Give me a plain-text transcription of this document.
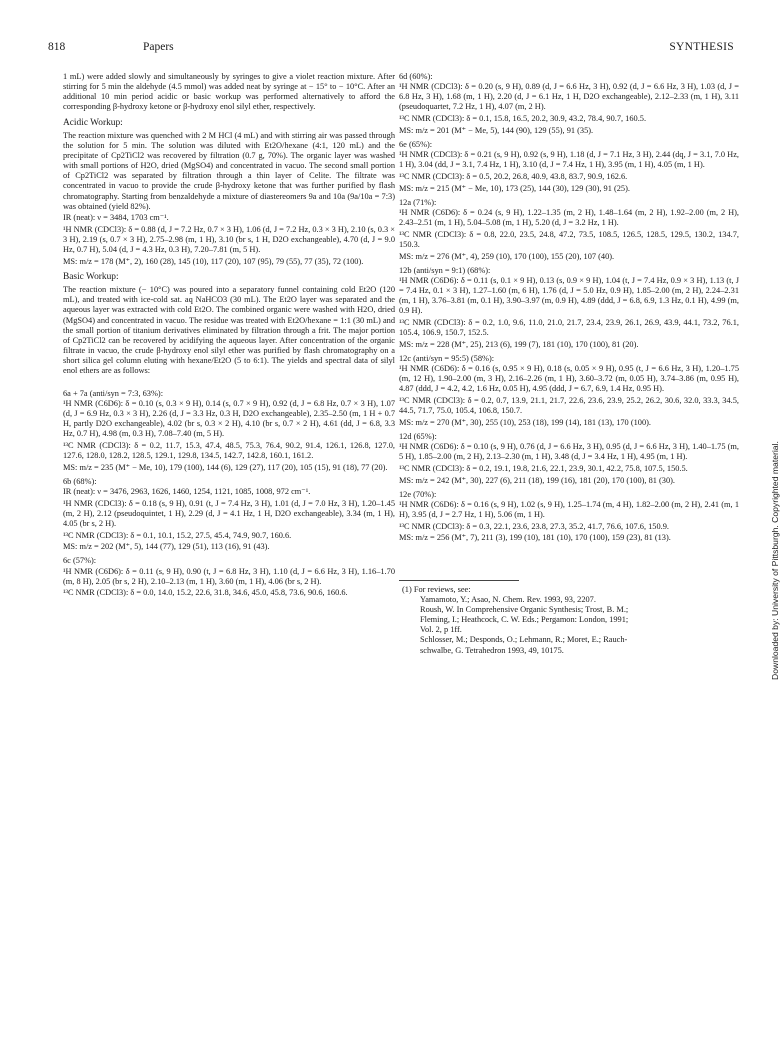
818	Papers	SYNTHESIS

1 mL) were added slowly and simultaneously by syringes to give a violet reaction mixture. After stirring for 5 min the aldehyde (4.5 mmol) was added neat by syringe at − 15° to − 10°C. After an additional 10 min period acidic or basic workup was performed alternatively to afford the corresponding β-hydroxy ketone or β-hydroxy enol silyl ether, respectively.

Acidic Workup:

The reaction mixture was quenched with 2 M HCl (4 mL) and with stirring air was passed through the solution for 5 min. The solution was diluted with Et2O/hexane (4:1, 120 mL) and the precipitate of Cp2TiCl2 was recovered by filtration (0.7 g, 70%). The organic layer was washed with small portions of H2O, dried (MgSO4) and concentrated in vacuo. The second small portion of Cp2TiCl2 was separated by filtration through a thin layer of Celite. The filtrate was concentrated in vacuo to provide the crude β-hydroxy ketone that was further purified by flash chromatography. Starting from benzaldehyde a mixture of diastereomers 9a and 10a (9a/10a = 7:3) was obtained (yield 82%).

IR (neat): ν = 3484, 1703 cm⁻¹.

¹H NMR (CDCl3): δ = 0.88 (d, J = 7.2 Hz, 0.7 × 3 H), 1.06 (d, J = 7.2 Hz, 0.3 × 3 H), 2.10 (s, 0.3 × 3 H), 2.19 (s, 0.7 × 3 H), 2.75–2.98 (m, 1 H), 3.10 (br s, 1 H, D2O exchangeable), 4.70 (d, J = 9.0 Hz, 0.7 H), 5.04 (d, J = 4.3 Hz, 0.3 H), 7.20–7.81 (m, 5 H).

MS: m/z = 178 (M⁺, 2), 160 (28), 145 (10), 117 (20), 107 (95), 79 (55), 77 (35), 72 (100).

Basic Workup:

The reaction mixture (− 10°C) was poured into a separatory funnel containing cold Et2O (120 mL), and treated with ice-cold sat. aq NaHCO3 (30 mL). The Et2O layer was separated and the aqueous layer was extracted with cold Et2O. The combined organic were washed with H2O, dried (MgSO4) and concentrated in vacuo. The residue was treated with Et2O/hexane = 1:1 (30 mL) and the small portion of titanium derivatives eliminated by filtration through a frit. The major portion of Cp2TiCl2 can be recovered by acidifying the aqueous layer. After concentration of the organic filtrate in vacuo, the crude β-hydroxy enol silyl ether was purified by flash chromatography on a short silica gel column eluting with hexane/Et2O (5 to 6:1). The yields and spectral data of silyl enol ethers are as follows:

6a + 7a (anti/syn = 7:3, 63%):

¹H NMR (C6D6): δ = 0.10 (s, 0.3 × 9 H), 0.14 (s, 0.7 × 9 H), 0.92 (d, J = 6.8 Hz, 0.7 × 3 H), 1.07 (d, J = 6.9 Hz, 0.3 × 3 H), 2.26 (d, J = 3.3 Hz, 0.3 H, D2O exchangeable), 2.35–2.50 (m, 1 H + 0.7 H, partly D2O exchangeable), 4.02 (br s, 0.3 × 2 H), 4.10 (br s, 0.7 × 2 H), 4.61 (dd, J = 6.8, 3.3 Hz, 0.7 H), 4.98 (m, 0.3 H), 7.08–7.40 (m, 5 H).

¹³C NMR (CDCl3): δ = 0.2, 11.7, 15.3, 47.4, 48.5, 75.3, 76.4, 90.2, 91.4, 126.1, 126.8, 127.0, 127.6, 128.0, 128.2, 128.5, 129.1, 129.8, 134.5, 142.7, 142.8, 160.1, 161.2.

MS: m/z = 235 (M⁺ − Me, 10), 179 (100), 144 (6), 129 (27), 117 (20), 105 (15), 91 (18), 77 (20).

6b (68%):

IR (neat): ν = 3476, 2963, 1626, 1460, 1254, 1121, 1085, 1008, 972 cm⁻¹.

¹H NMR (CDCl3): δ = 0.18 (s, 9 H), 0.91 (t, J = 7.4 Hz, 3 H), 1.01 (d, J = 7.0 Hz, 3 H), 1.20–1.45 (m, 2 H), 2.12 (pseudoquintet, 1 H), 2.29 (d, J = 4.1 Hz, 1 H, D2O exchangeable), 3.34 (m, 1 H), 4.05 (br s, 2 H).

¹³C NMR (CDCl3): δ = 0.1, 10.1, 15.2, 27.5, 45.4, 74.9, 90.7, 160.6.

MS: m/z = 202 (M⁺, 5), 144 (77), 129 (51), 113 (16), 91 (43).

6c (57%):

¹H NMR (C6D6): δ = 0.11 (s, 9 H), 0.90 (t, J = 6.8 Hz, 3 H), 1.10 (d, J = 6.6 Hz, 3 H), 1.16–1.70 (m, 8 H), 2.05 (br s, 2 H), 2.10–2.13 (m, 1 H), 3.60 (m, 1 H), 4.06 (br s, 2 H).

¹³C NMR (CDCl3): δ = 0.0, 14.0, 15.2, 22.6, 31.8, 34.6, 45.0, 45.8, 73.6, 90.6, 160.6.

6d (60%):

¹H NMR (CDCl3): δ = 0.20 (s, 9 H), 0.89 (d, J = 6.6 Hz, 3 H), 0.92 (d, J = 6.6 Hz, 3 H), 1.03 (d, J = 6.8 Hz, 3 H), 1.68 (m, 1 H), 2.20 (d, J = 6.1 Hz, 1 H, D2O exchangeable), 2.12–2.33 (m, 1 H), 3.11 (pseudoquartet, 7.2 Hz, 1 H), 4.07 (m, 2 H).

¹³C NMR (CDCl3): δ = 0.1, 15.8, 16.5, 20.2, 30.9, 43.2, 78.4, 90.7, 160.5.

MS: m/z = 201 (M⁺ − Me, 5), 144 (90), 129 (55), 91 (35).

6e (65%):

¹H NMR (CDCl3): δ = 0.21 (s, 9 H), 0.92 (s, 9 H), 1.18 (d, J = 7.1 Hz, 3 H), 2.44 (dq, J = 3.1, 7.0 Hz, 1 H), 3.04 (dd, J = 3.1, 7.4 Hz, 1 H), 3.10 (d, J = 7.4 Hz, 1 H), 3.95 (m, 1 H), 4.05 (m, 1 H).

¹³C NMR (CDCl3): δ = 0.5, 20.2, 26.8, 40.9, 43.8, 83.7, 90.9, 162.6.

MS: m/z = 215 (M⁺ − Me, 10), 173 (25), 144 (30), 129 (30), 91 (25).

12a (71%):

¹H NMR (C6D6): δ = 0.24 (s, 9 H), 1.22–1.35 (m, 2 H), 1.48–1.64 (m, 2 H), 1.92–2.00 (m, 2 H), 2.43–2.51 (m, 1 H), 5.04–5.08 (m, 1 H), 5.20 (d, J = 3.2 Hz, 1 H).

¹³C NMR (CDCl3): δ = 0.8, 22.0, 23.5, 24.8, 47.2, 73.5, 108.5, 126.5, 128.5, 129.5, 130.2, 134.7, 150.3.

MS: m/z = 276 (M⁺, 4), 259 (10), 170 (100), 155 (20), 107 (40).

12b (anti/syn = 9:1) (68%):

¹H NMR (C6D6): δ = 0.11 (s, 0.1 × 9 H), 0.13 (s, 0.9 × 9 H), 1.04 (t, J = 7.4 Hz, 0.9 × 3 H), 1.13 (t, J = 7.4 Hz, 0.1 × 3 H), 1.27–1.60 (m, 6 H), 1.76 (d, J = 5.0 Hz, 0.9 H), 1.85–2.00 (m, 2 H), 2.24–2.31 (m, 1 H), 3.76–3.81 (m, 0.1 H), 3.90–3.97 (m, 0.9 H), 4.89 (ddd, J = 6.8, 6.9, 1.3 Hz, 0.1 H), 4.99 (m, 0.9 H).

¹³C NMR (CDCl3): δ = 0.2, 1.0, 9.6, 11.0, 21.0, 21.7, 23.4, 23.9, 26.1, 26.9, 43.9, 44.1, 73.2, 76.1, 105.4, 106.9, 150.7, 152.5.

MS: m/z = 228 (M⁺, 25), 213 (6), 199 (7), 181 (10), 170 (100), 81 (20).

12c (anti/syn = 95:5) (58%):

¹H NMR (C6D6): δ = 0.16 (s, 0.95 × 9 H), 0.18 (s, 0.05 × 9 H), 0.95 (t, J = 6.6 Hz, 3 H), 1.20–1.75 (m, 12 H), 1.90–2.00 (m, 3 H), 2.16–2.26 (m, 1 H), 3.60–3.72 (m, 0.05 H), 3.74–3.86 (m, 0.95 H), 4.87 (ddd, J = 4.2, 4.2, 1.6 Hz, 0.05 H), 4.95 (ddd, J = 6.7, 6.9, 1.4 Hz, 0.95 H).

¹³C NMR (CDCl3): δ = 0.2, 0.7, 13.9, 21.1, 21.7, 22.6, 23.6, 23.9, 25.2, 26.2, 30.6, 32.0, 33.3, 34.5, 44.5, 71.7, 75.0, 105.4, 106.8, 150.7.

MS: m/z = 270 (M⁺, 30), 255 (10), 253 (18), 199 (14), 181 (13), 170 (100).

12d (65%):

¹H NMR (C6D6): δ = 0.10 (s, 9 H), 0.76 (d, J = 6.6 Hz, 3 H), 0.95 (d, J = 6.6 Hz, 3 H), 1.40–1.75 (m, 5 H), 1.85–2.00 (m, 2 H), 2.13–2.30 (m, 1 H), 3.48 (d, J = 3.4 Hz, 1 H), 4.95 (m, 1 H).

¹³C NMR (CDCl3): δ = 0.2, 19.1, 19.8, 21.6, 22.1, 23.9, 30.1, 42.2, 75.8, 107.5, 150.5.

MS: m/z = 242 (M⁺, 30), 227 (6), 211 (18), 199 (16), 181 (20), 170 (100), 81 (30).

12e (70%):

¹H NMR (C6D6): δ = 0.16 (s, 9 H), 1.02 (s, 9 H), 1.25–1.74 (m, 4 H), 1.82–2.00 (m, 2 H), 2.41 (m, 1 H), 3.95 (d, J = 2.7 Hz, 1 H), 5.06 (m, 1 H).

¹³C NMR (CDCl3): δ = 0.3, 22.1, 23.6, 23.8, 27.3, 35.2, 41.7, 76.6, 107.6, 150.9.

MS: m/z = 256 (M⁺, 7), 211 (3), 199 (10), 181 (10), 170 (100), 159 (23), 81 (13).

(1) For reviews, see:

Yamamoto, Y.; Asao, N. Chem. Rev. 1993, 93, 2207.

Roush, W. In Comprehensive Organic Synthesis; Trost, B. M.;

Fleming, I.; Heathcock, C. W. Eds.; Pergamon: London, 1991;

Vol. 2, p 1ff.

Schlosser, M.; Desponds, O.; Lehmann, R.; Moret, E.; Rauch-

schwalbe, G. Tetrahedron 1993, 49, 10175.	Downloaded by: University of Pittsburgh. Copyrighted material.
